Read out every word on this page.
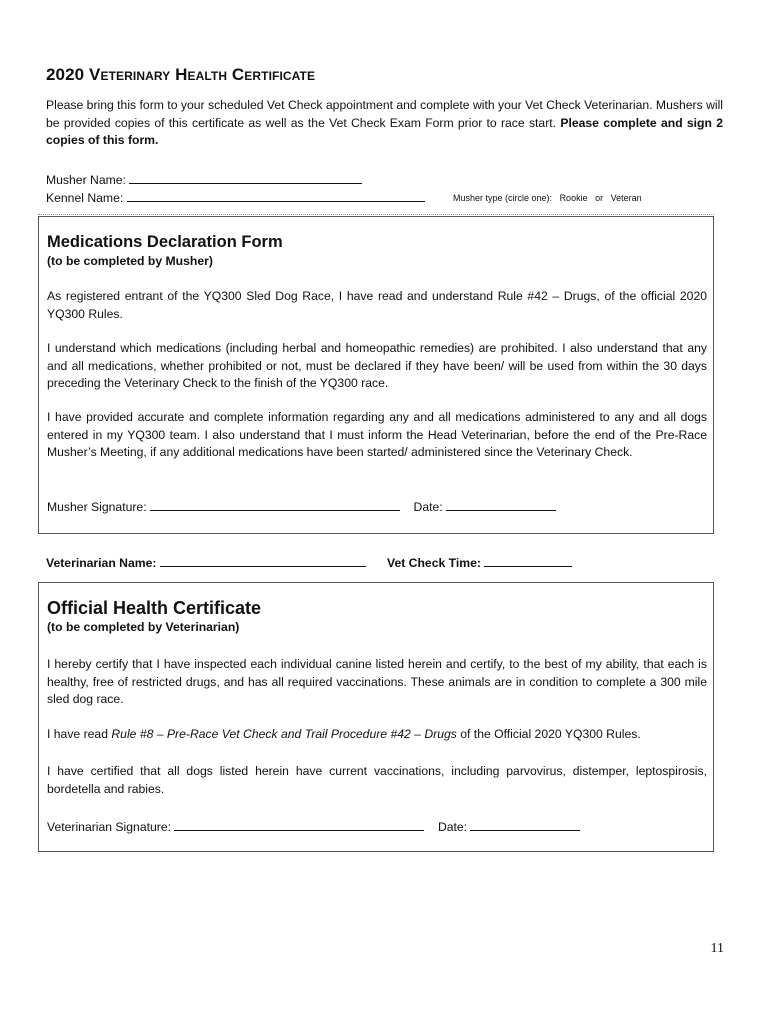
2020 Veterinary Health Certificate
Please bring this form to your scheduled Vet Check appointment and complete with your Vet Check Veterinarian. Mushers will be provided copies of this certificate as well as the Vet Check Exam Form prior to race start. Please complete and sign 2 copies of this form.
Musher Name:
Kennel Name:	Musher type (circle one): Rookie or Veteran
Medications Declaration Form
(to be completed by Musher)

As registered entrant of the YQ300 Sled Dog Race, I have read and understand Rule #42 – Drugs, of the official 2020 YQ300 Rules.

I understand which medications (including herbal and homeopathic remedies) are prohibited. I also understand that any and all medications, whether prohibited or not, must be declared if they have been/ will be used from within the 30 days preceding the Veterinary Check to the finish of the YQ300 race.

I have provided accurate and complete information regarding any and all medications administered to any and all dogs entered in my YQ300 team. I also understand that I must inform the Head Veterinarian, before the end of the Pre-Race Musher’s Meeting, if any additional medications have been started/ administered since the Veterinary Check.

Musher Signature:	Date:
Veterinarian Name:	Vet Check Time:
Official Health Certificate
(to be completed by Veterinarian)

I hereby certify that I have inspected each individual canine listed herein and certify, to the best of my ability, that each is healthy, free of restricted drugs, and has all required vaccinations. These animals are in condition to complete a 300 mile sled dog race.

I have read Rule #8 – Pre-Race Vet Check and Trail Procedure #42 – Drugs of the Official 2020 YQ300 Rules.

I have certified that all dogs listed herein have current vaccinations, including parvovirus, distemper, leptospirosis, bordetella and rabies.

Veterinarian Signature:	Date:
11
